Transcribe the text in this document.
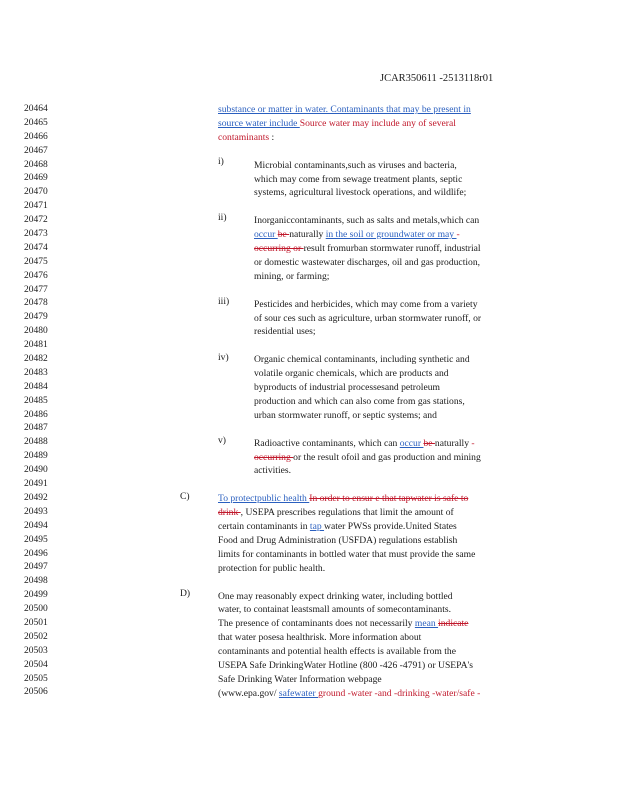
JCAR350611 -2513118r01
20464
20465
20466
20467
20468
20469
20470
20471
20472
20473
20474
20475
20476
20477
20478
20479
20480
20481
20482
20483
20484
20485
20486
20487
20488
20489
20490
20491
20492
20493
20494
20495
20496
20497
20498
20499
20500
20501
20502
20503
20504
20505
20506
i)
ii)
iii)
iv)
v)
C)
D)
substance or matter in water. Contaminants that may be present in
source water include Source water may include any of several
contaminants :
Microbial contaminants,such as viruses and bacteria,
which may come from sewage treatment plants, septic
systems, agricultural livestock operations, and wildlife;
Inorganiccontaminants, such as salts and metals,which can
occur be naturally in the soil or groundwater or may -
occurring or result fromurban stormwater runoff, industrial
or domestic wastewater discharges, oil and gas production,
mining, or farming;
Pesticides and herbicides, which may come from a variety
of sour ces such as agriculture, urban stormwater runoff, or
residential uses;
Organic chemical contaminants, including synthetic and
volatile organic chemicals, which are products and
byproducts of industrial processesand petroleum
production and which can also come from gas stations,
urban stormwater runoff, or septic systems; and
Radioactive contaminants, which can occur be naturally -
occurring or the result ofoil and gas production and mining
activities.
To protectpublic health In order to ensur e that tapwater is safe to
drink , USEPA prescribes regulations that limit the amount of
certain contaminants in tap water PWSs provide.United States
Food and Drug Administration (USFDA) regulations establish
limits for contaminants in bottled water that must provide the same
protection for public health.
One may reasonably expect drinking water, including bottled
water, to containat leastsmall amounts of somecontaminants.
The presence of contaminants does not necessarily mean indicate
that water posesa healthrisk. More information about
contaminants and potential health effects is available from the
USEPA Safe DrinkingWater Hotline (800 -426 -4791) or USEPA's
Safe Drinking Water Information webpage
(www.epa.gov/ safewater ground -water -and -drinking -water/safe -
